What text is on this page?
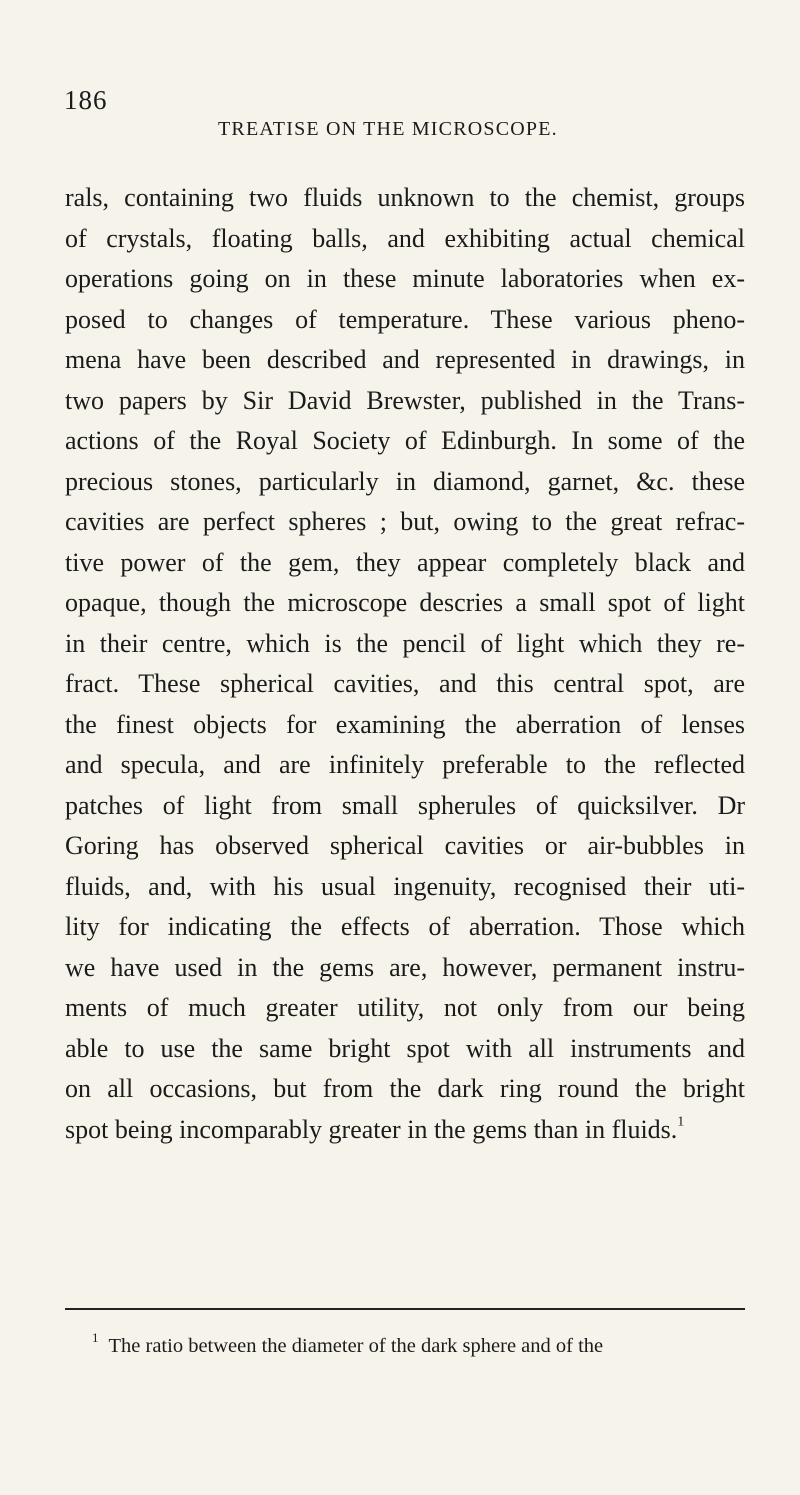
186
TREATISE ON THE MICROSCOPE.
rals, containing two fluids unknown to the chemist, groups
of crystals, floating balls, and exhibiting actual chemical
operations going on in these minute laboratories when ex-
posed to changes of temperature. These various pheno-
mena have been described and represented in drawings, in
two papers by Sir David Brewster, published in the Trans-
actions of the Royal Society of Edinburgh. In some of the
precious stones, particularly in diamond, garnet, &c. these
cavities are perfect spheres ; but, owing to the great refrac-
tive power of the gem, they appear completely black and
opaque, though the microscope descries a small spot of light
in their centre, which is the pencil of light which they re-
fract. These spherical cavities, and this central spot, are
the finest objects for examining the aberration of lenses
and specula, and are infinitely preferable to the reflected
patches of light from small spherules of quicksilver. Dr
Goring has observed spherical cavities or air-bubbles in
fluids, and, with his usual ingenuity, recognised their uti-
lity for indicating the effects of aberration. Those which
we have used in the gems are, however, permanent instru-
ments of much greater utility, not only from our being
able to use the same bright spot with all instruments and
on all occasions, but from the dark ring round the bright
spot being incomparably greater in the gems than in fluids.$^1$
$^1$ The ratio between the diameter of the dark sphere and of the
